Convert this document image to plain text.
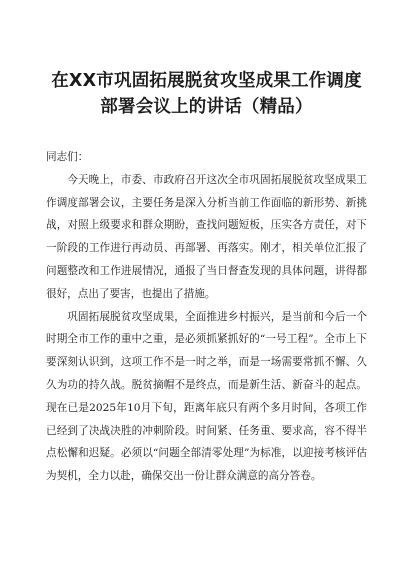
在XX市巩固拓展脱贫攻坚成果工作调度
部署会议上的讲话（精品）

同志们：

今天晚上，市委、市政府召开这次全市巩固拓展脱贫攻坚成果工作调度部署会议，主要任务是深入分析当前工作面临的新形势、新挑战，对照上级要求和群众期盼，查找问题短板，压实各方责任，对下一阶段的工作进行再动员、再部署、再落实。刚才，相关单位汇报了问题整改和工作进展情况，通报了当日督查发现的具体问题，讲得都很好，点出了要害，也提出了措施。

巩固拓展脱贫攻坚成果，全面推进乡村振兴，是当前和今后一个时期全市工作的重中之重，是必须抓紧抓好的“一号工程”。全市上下要深刻认识到，这项工作不是一时之举，而是一场需要常抓不懈、久久为功的持久战。脱贫摘帽不是终点，而是新生活、新奋斗的起点。现在已是2025年10月下旬，距离年底只有两个多月时间，各项工作已经到了决战决胜的冲刺阶段。时间紧、任务重、要求高，容不得半点松懈和迟疑。必须以“问题全部清零处理”为标准，以迎接考核评估为契机，全力以赴，确保交出一份让群众满意的高分答卷。
